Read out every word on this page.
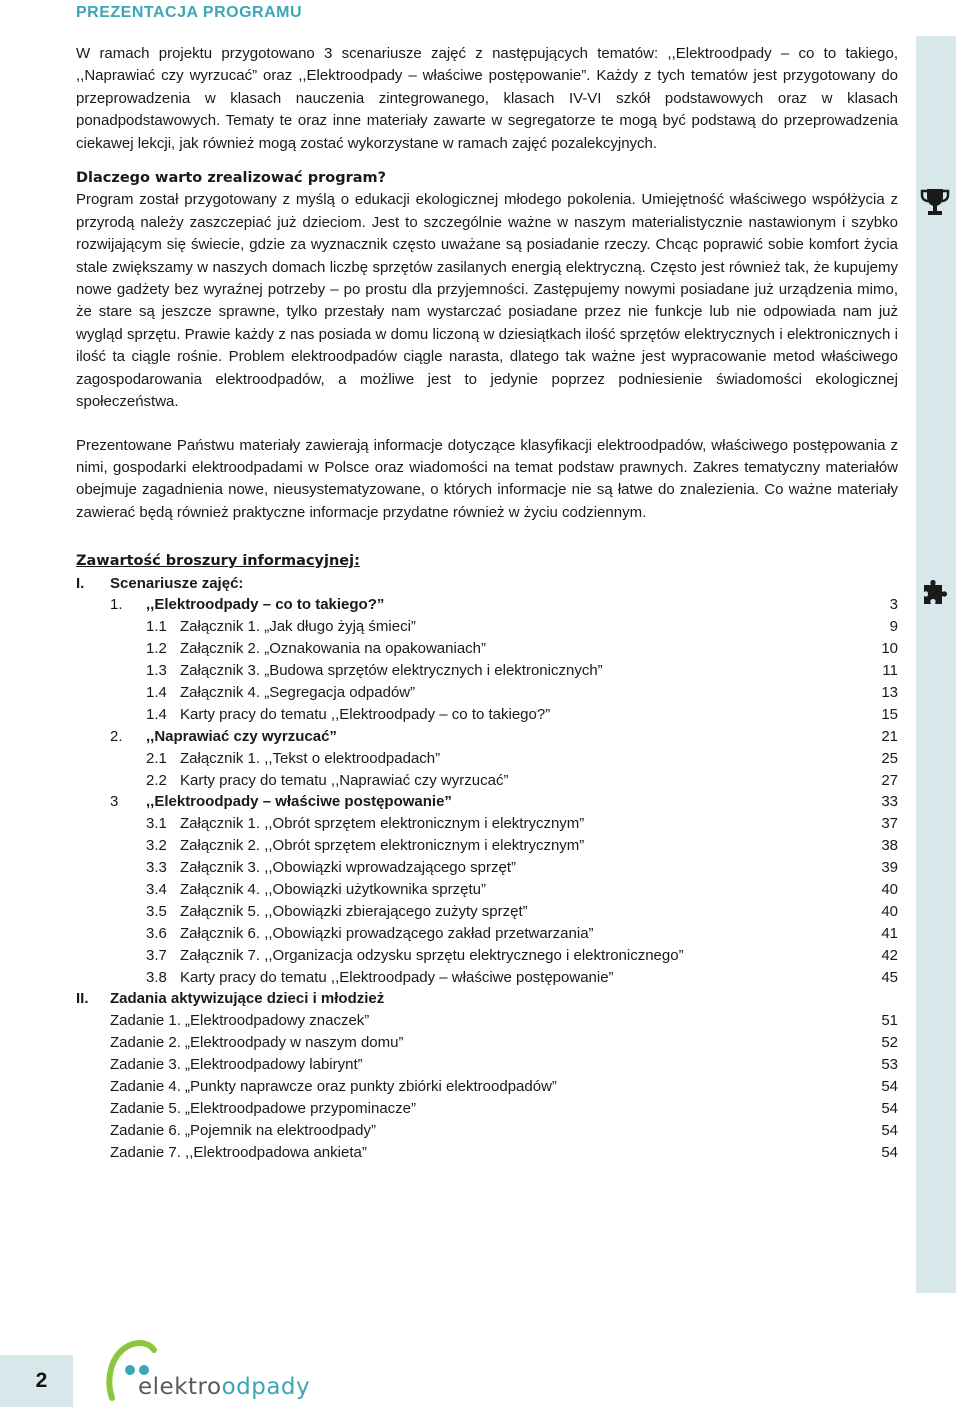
PREZENTACJA PROGRAMU

W ramach projektu przygotowano 3 scenariusze zajęć z następujących tematów: ,,Elektroodpady – co to takiego, ,,Naprawiać czy wyrzucać” oraz ,,Elektroodpady – właściwe postępowanie”. Każdy z tych tematów jest przygotowany do przeprowadzenia w klasach nauczenia zintegrowanego, klasach IV-VI szkół podstawowych oraz w klasach ponadpodstawowych. Tematy te oraz inne materiały zawarte w segregatorze te mogą być podstawą do przeprowadzenia ciekawej lekcji, jak również mogą zostać wykorzystane w ramach zajęć pozalekcyjnych.

Dlaczego warto zrealizować program?

Program został przygotowany z myślą o edukacji ekologicznej młodego pokolenia. Umiejętność właściwego współżycia z przyrodą należy zaszczepiać już dzieciom. Jest to szczególnie ważne w naszym materialistycznie nastawionym i szybko rozwijającym się świecie, gdzie za wyznacznik często uważane są posiadanie rzeczy. Chcąc poprawić sobie komfort życia stale zwiększamy w naszych domach liczbę sprzętów zasilanych energią elektryczną. Często jest również tak, że kupujemy nowe gadżety bez wyraźnej potrzeby – po prostu dla przyjemności. Zastępujemy nowymi posiadane już urządzenia mimo, że stare są jeszcze sprawne, tylko przestały nam wystarczać posiadane przez nie funkcje lub nie odpowiada nam już wygląd sprzętu. Prawie każdy z nas posiada w domu liczoną w dziesiątkach ilość sprzętów elektrycznych i elektronicznych i ilość ta ciągle rośnie. Problem elektroodpadów ciągle narasta, dlatego tak ważne jest wypracowanie metod właściwego zagospodarowania elektroodpadów, a możliwe jest to jedynie poprzez podniesienie świadomości ekologicznej społeczeństwa.

Prezentowane Państwu materiały zawierają informacje dotyczące klasyfikacji elektroodpadów, właściwego postępowania z nimi, gospodarki elektroodpadami w Polsce oraz wiadomości na temat podstaw prawnych. Zakres tematyczny materiałów obejmuje zagadnienia nowe, nieusystematyzowane, o których informacje nie są łatwe do znalezienia. Co ważne materiały zawierać będą również praktyczne informacje przydatne również w życiu codziennym.

Zawartość broszury informacyjnej:
I.	Scenariusze zajęć:
1.	,,Elektroodpady – co to takiego?”	3
1.1 Załącznik 1. „Jak długo żyją śmieci”	9
1.2 Załącznik 2. „Oznakowania na opakowaniach”	10
1.3 Załącznik 3. „Budowa sprzętów elektrycznych i elektronicznych”	11
1.4 Załącznik 4. „Segregacja odpadów”	13
1.4 Karty pracy do tematu ,,Elektroodpady – co to takiego?”	15
2.	,,Naprawiać czy wyrzucać”	21
2.1 Załącznik 1. ,,Tekst o elektroodpadach”	25
2.2 Karty pracy do tematu ,,Naprawiać czy wyrzucać”	27
3	,,Elektroodpady – właściwe postępowanie”	33
3.1 Załącznik 1. ,,Obrót sprzętem elektronicznym i elektrycznym”	37
3.2 Załącznik 2. ,,Obrót sprzętem elektronicznym i elektrycznym”	38
3.3 Załącznik 3. ,,Obowiązki wprowadzającego sprzęt”	39
3.4 Załącznik 4. ,,Obowiązki użytkownika sprzętu”	40
3.5 Załącznik 5. ,,Obowiązki zbierającego zużyty sprzęt”	40
3.6 Załącznik 6. ,,Obowiązki prowadzącego zakład przetwarzania”	41
3.7 Załącznik 7. ,,Organizacja odzysku sprzętu elektrycznego i elektronicznego”	42
3.8 Karty pracy do tematu ,,Elektroodpady – właściwe postępowanie”	45
II.	Zadania aktywizujące dzieci i młodzież
Zadanie 1. „Elektroodpadowy znaczek”	51
Zadanie 2. „Elektroodpady w naszym domu”	52
Zadanie 3. „Elektroodpadowy labirynt”	53
Zadanie 4. „Punkty naprawcze oraz punkty zbiórki elektroodpadów”	54
Zadanie 5. „Elektroodpadowe przypominacze”	54
Zadanie 6. „Pojemnik na elektroodpady”	54
Zadanie 7. ,,Elektroodpadowa ankieta”	54
2	elektroodpady
